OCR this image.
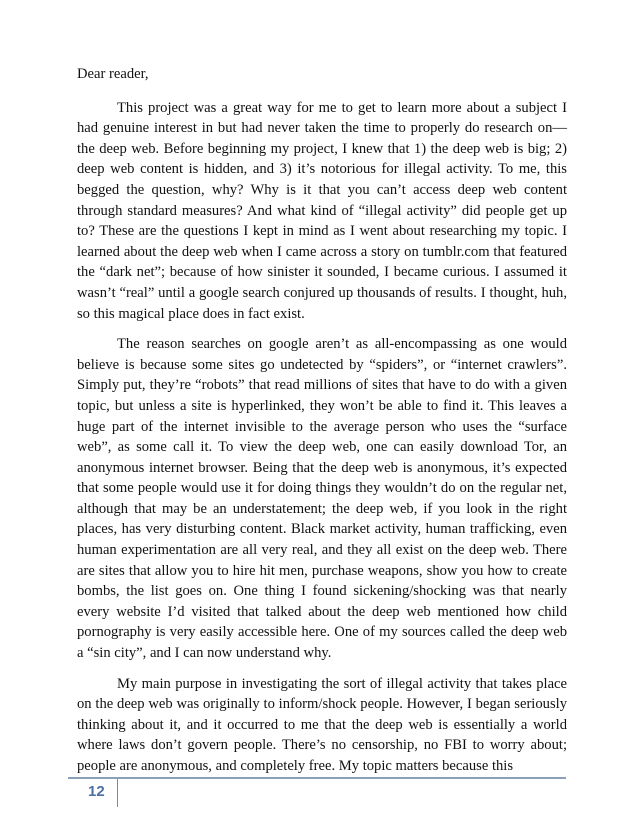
Dear reader,

This project was a great way for me to get to learn more about a subject I had genuine interest in but had never taken the time to properly do research on—the deep web. Before beginning my project, I knew that 1) the deep web is big; 2) deep web content is hidden, and 3) it’s notorious for illegal activity. To me, this begged the question, why? Why is it that you can’t access deep web content through standard measures? And what kind of “illegal activity” did people get up to? These are the questions I kept in mind as I went about researching my topic. I learned about the deep web when I came across a story on tumblr.com that featured the “dark net”; because of how sinister it sounded, I became curious. I assumed it wasn’t “real” until a google search conjured up thousands of results. I thought, huh, so this magical place does in fact exist.

The reason searches on google aren’t as all-encompassing as one would believe is because some sites go undetected by “spiders”, or “internet crawlers”. Simply put, they’re “robots” that read millions of sites that have to do with a given topic, but unless a site is hyperlinked, they won’t be able to find it. This leaves a huge part of the internet invisible to the average person who uses the “surface web”, as some call it. To view the deep web, one can easily download Tor, an anonymous internet browser. Being that the deep web is anonymous, it’s expected that some people would use it for doing things they wouldn’t do on the regular net, although that may be an understatement; the deep web, if you look in the right places, has very disturbing content. Black market activity, human trafficking, even human experimentation are all very real, and they all exist on the deep web. There are sites that allow you to hire hit men, purchase weapons, show you how to create bombs, the list goes on. One thing I found sickening/shocking was that nearly every website I’d visited that talked about the deep web mentioned how child pornography is very easily accessible here. One of my sources called the deep web a “sin city”, and I can now understand why.

My main purpose in investigating the sort of illegal activity that takes place on the deep web was originally to inform/shock people. However, I began seriously thinking about it, and it occurred to me that the deep web is essentially a world where laws don’t govern people. There’s no censorship, no FBI to worry about; people are anonymous, and completely free. My topic matters because this

12
